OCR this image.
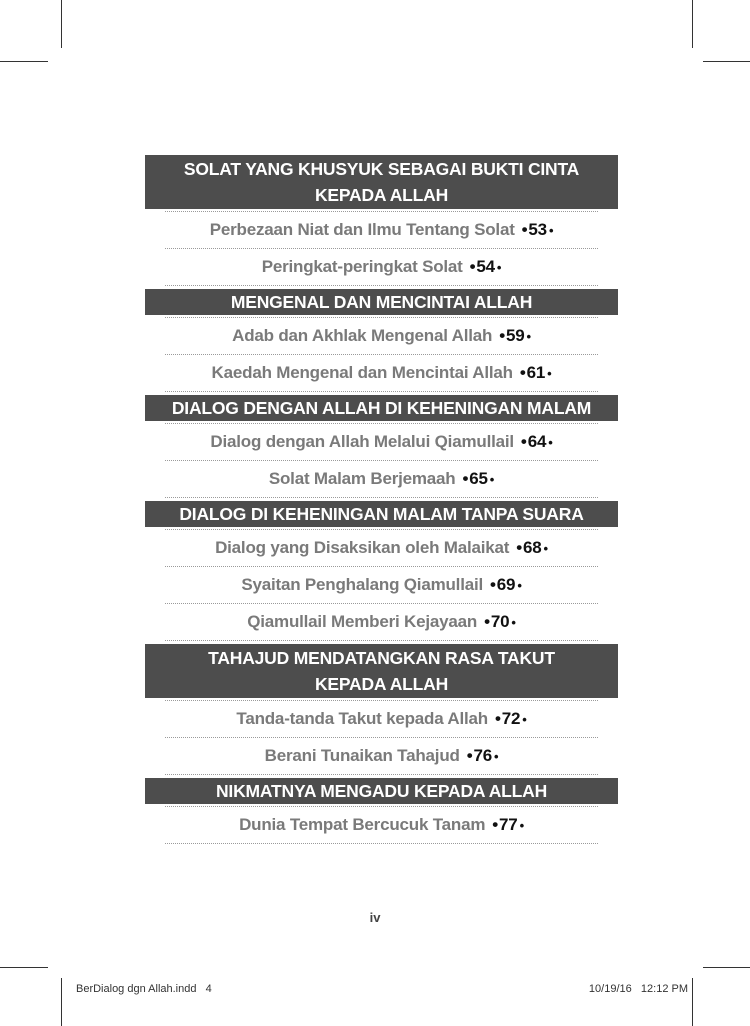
SOLAT YANG KHUSYUK SEBAGAI BUKTI CINTA
KEPADA ALLAH
Perbezaan Niat dan Ilmu Tentang Solat • 53 •
Peringkat-peringkat Solat • 54 •
MENGENAL DAN MENCINTAI ALLAH
Adab dan Akhlak Mengenal Allah • 59 •
Kaedah Mengenal dan Mencintai Allah • 61 •
DIALOG DENGAN ALLAH DI KEHENINGAN MALAM
Dialog dengan Allah Melalui Qiamullail • 64 •
Solat Malam Berjemaah • 65 •
DIALOG DI KEHENINGAN MALAM TANPA SUARA
Dialog yang Disaksikan oleh Malaikat • 68 •
Syaitan Penghalang Qiamullail • 69 •
Qiamullail Memberi Kejayaan • 70 •
TAHAJUD MENDATANGKAN RASA TAKUT
KEPADA ALLAH
Tanda-tanda Takut kepada Allah • 72 •
Berani Tunaikan Tahajud • 76 •
NIKMATNYA MENGADU KEPADA ALLAH
Dunia Tempat Bercucuk Tanam • 77 •
iv
BerDialog dgn Allah.indd   4	10/19/16   12:12 PM
